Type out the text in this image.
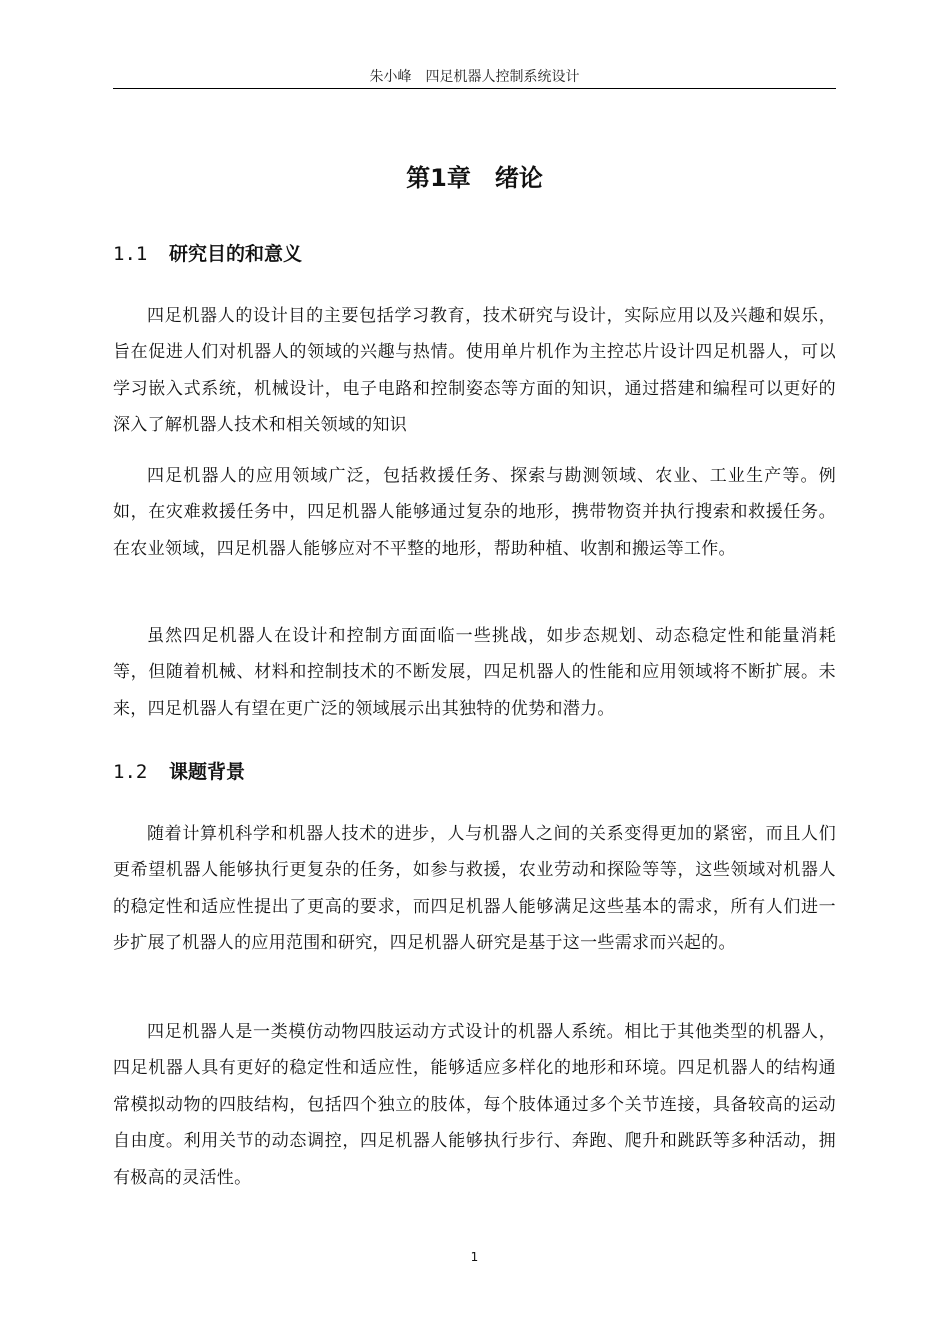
朱小峰　四足机器人控制系统设计
第1章　绪论
1.1 研究目的和意义

四足机器人的设计目的主要包括学习教育，技术研究与设计，实际应用以及兴趣和娱乐，旨在促进人们对机器人的领域的兴趣与热情。使用单片机作为主控芯片设计四足机器人，可以学习嵌入式系统，机械设计，电子电路和控制姿态等方面的知识，通过搭建和编程可以更好的深入了解机器人技术和相关领域的知识

四足机器人的应用领域广泛，包括救援任务、探索与勘测领域、农业、工业生产等。例如，在灾难救援任务中，四足机器人能够通过复杂的地形，携带物资并执行搜索和救援任务。在农业领域，四足机器人能够应对不平整的地形，帮助种植、收割和搬运等工作。

虽然四足机器人在设计和控制方面面临一些挑战，如步态规划、动态稳定性和能量消耗等，但随着机械、材料和控制技术的不断发展，四足机器人的性能和应用领域将不断扩展。未来，四足机器人有望在更广泛的领域展示出其独特的优势和潜力。

1.2 课题背景

随着计算机科学和机器人技术的进步，人与机器人之间的关系变得更加的紧密，而且人们更希望机器人能够执行更复杂的任务，如参与救援，农业劳动和探险等等，这些领域对机器人的稳定性和适应性提出了更高的要求，而四足机器人能够满足这些基本的需求，所有人们进一步扩展了机器人的应用范围和研究，四足机器人研究是基于这一些需求而兴起的。

四足机器人是一类模仿动物四肢运动方式设计的机器人系统。相比于其他类型的机器人，四足机器人具有更好的稳定性和适应性，能够适应多样化的地形和环境。四足机器人的结构通常模拟动物的四肢结构，包括四个独立的肢体，每个肢体通过多个关节连接，具备较高的运动自由度。利用关节的动态调控，四足机器人能够执行步行、奔跑、爬升和跳跃等多种活动，拥有极高的灵活性。

1
